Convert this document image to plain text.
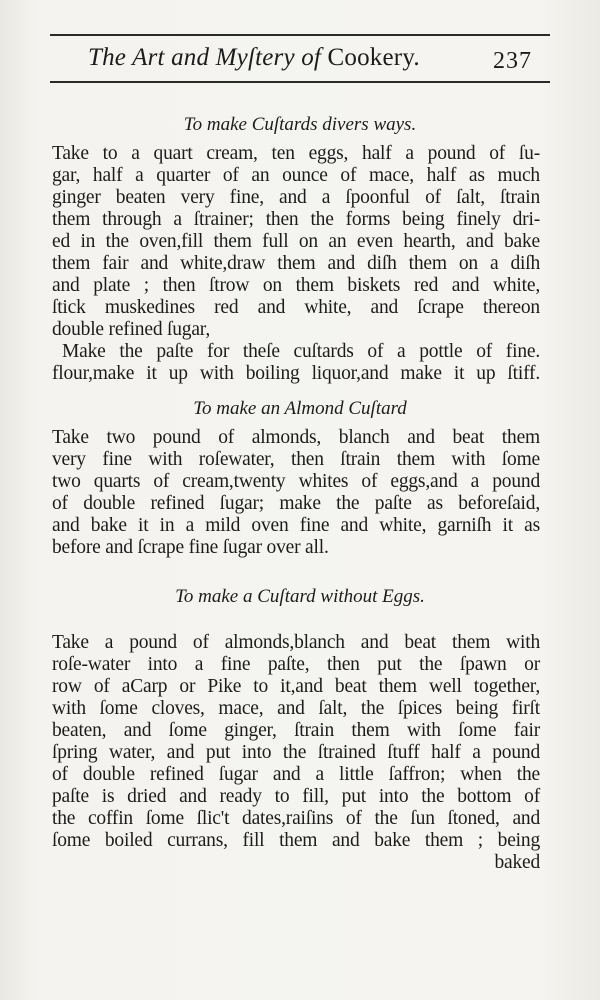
The Art and Myſtery of Cookery.	237
To make Cuſtards divers ways.
Take to a quart cream, ten eggs, half a pound of ſu-
gar, half a quarter of an ounce of mace, half as much
ginger beaten very fine, and a ſpoonful of ſalt, ſtrain
them through a ſtrainer; then the forms being finely dri-
ed in the oven,fill them full on an even hearth, and bake
them fair and white,draw them and diſh them on a diſh
and plate ; then ſtrow on them biskets red and white,
ſtick muskedines red and white, and ſcrape thereon
double refined ſugar,
Make the paſte for theſe cuſtards of a pottle of fine.
flour,make it up with boiling liquor,and make it up ſtiff.
To make an Almond Cuſtard
Take two pound of almonds, blanch and beat them
very fine with roſewater, then ſtrain them with ſome
two quarts of cream,twenty whites of eggs,and a pound
of double refined ſugar; make the paſte as beforeſaid,
and bake it in a mild oven fine and white, garniſh it as
before and ſcrape fine ſugar over all.
To make a Cuſtard without Eggs.
Take a pound of almonds,blanch and beat them with
roſe-water into a fine paſte, then put the ſpawn or
row of aCarp or Pike to it,and beat them well together,
with ſome cloves, mace, and ſalt, the ſpices being firſt
beaten, and ſome ginger, ſtrain them with ſome fair
ſpring water, and put into the ſtrained ſtuff half a pound
of double refined ſugar and a little ſaffron; when the
paſte is dried and ready to fill, put into the bottom of
the coffin ſome ſlic't dates,raiſins of the ſun ſtoned, and
ſome boiled currans, fill them and bake them ; being
baked
